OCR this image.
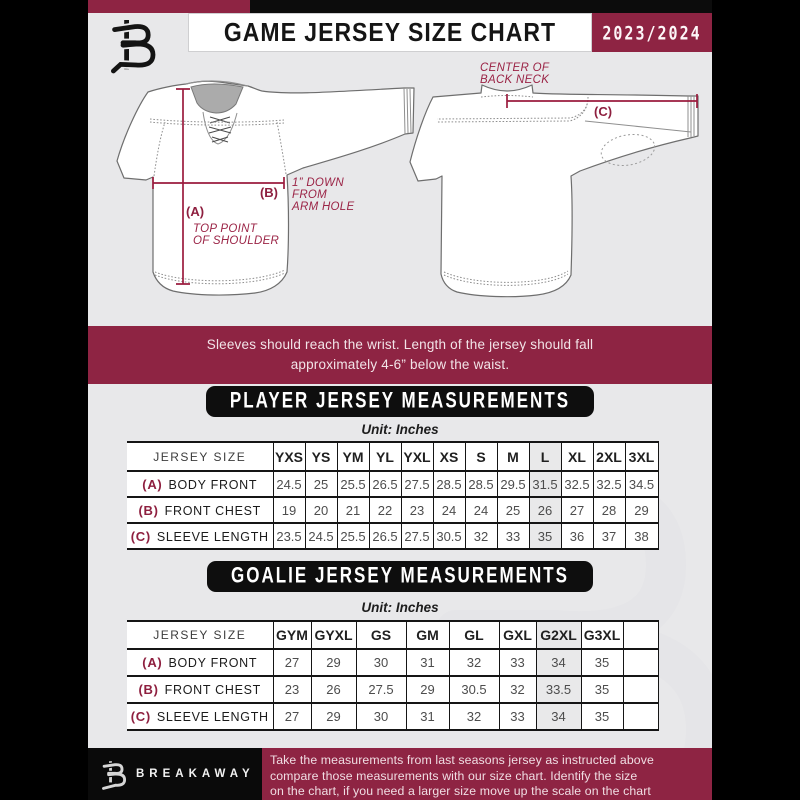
GAME JERSEY SIZE CHART	2023/2024
(A)
TOP POINT
OF SHOULDER
(B)
1” DOWN
FROM
ARM HOLE
(C)
CENTER OF
BACK NECK
Sleeves should reach the wrist. Length of the jersey should fall
approximately 4-6” below the waist.
PLAYER JERSEY MEASUREMENTS
Unit: Inches
JERSEY SIZE	YXS	YS	YM	YL	YXL	XS	S	M	L	XL	2XL	3XL
(A) BODY FRONT	24.5	25	25.5	26.5	27.5	28.5	28.5	29.5	31.5	32.5	32.5	34.5
(B) FRONT CHEST	19	20	21	22	23	24	24	25	26	27	28	29
(C) SLEEVE LENGTH	23.5	24.5	25.5	26.5	27.5	30.5	32	33	35	36	37	38
GOALIE JERSEY MEASUREMENTS
Unit: Inches
JERSEY SIZE	GYM	GYXL	GS	GM	GL	GXL	G2XL	G3XL	
(A) BODY FRONT	27	29	30	31	32	33	34	35	
(B) FRONT CHEST	23	26	27.5	29	30.5	32	33.5	35	
(C) SLEEVE LENGTH	27	29	30	31	32	33	34	35	
BREAKAWAY
Take the measurements from last seasons jersey as instructed above
compare those measurements with our size chart. Identify the size
on the chart, if you need a larger size move up the scale on the chart
